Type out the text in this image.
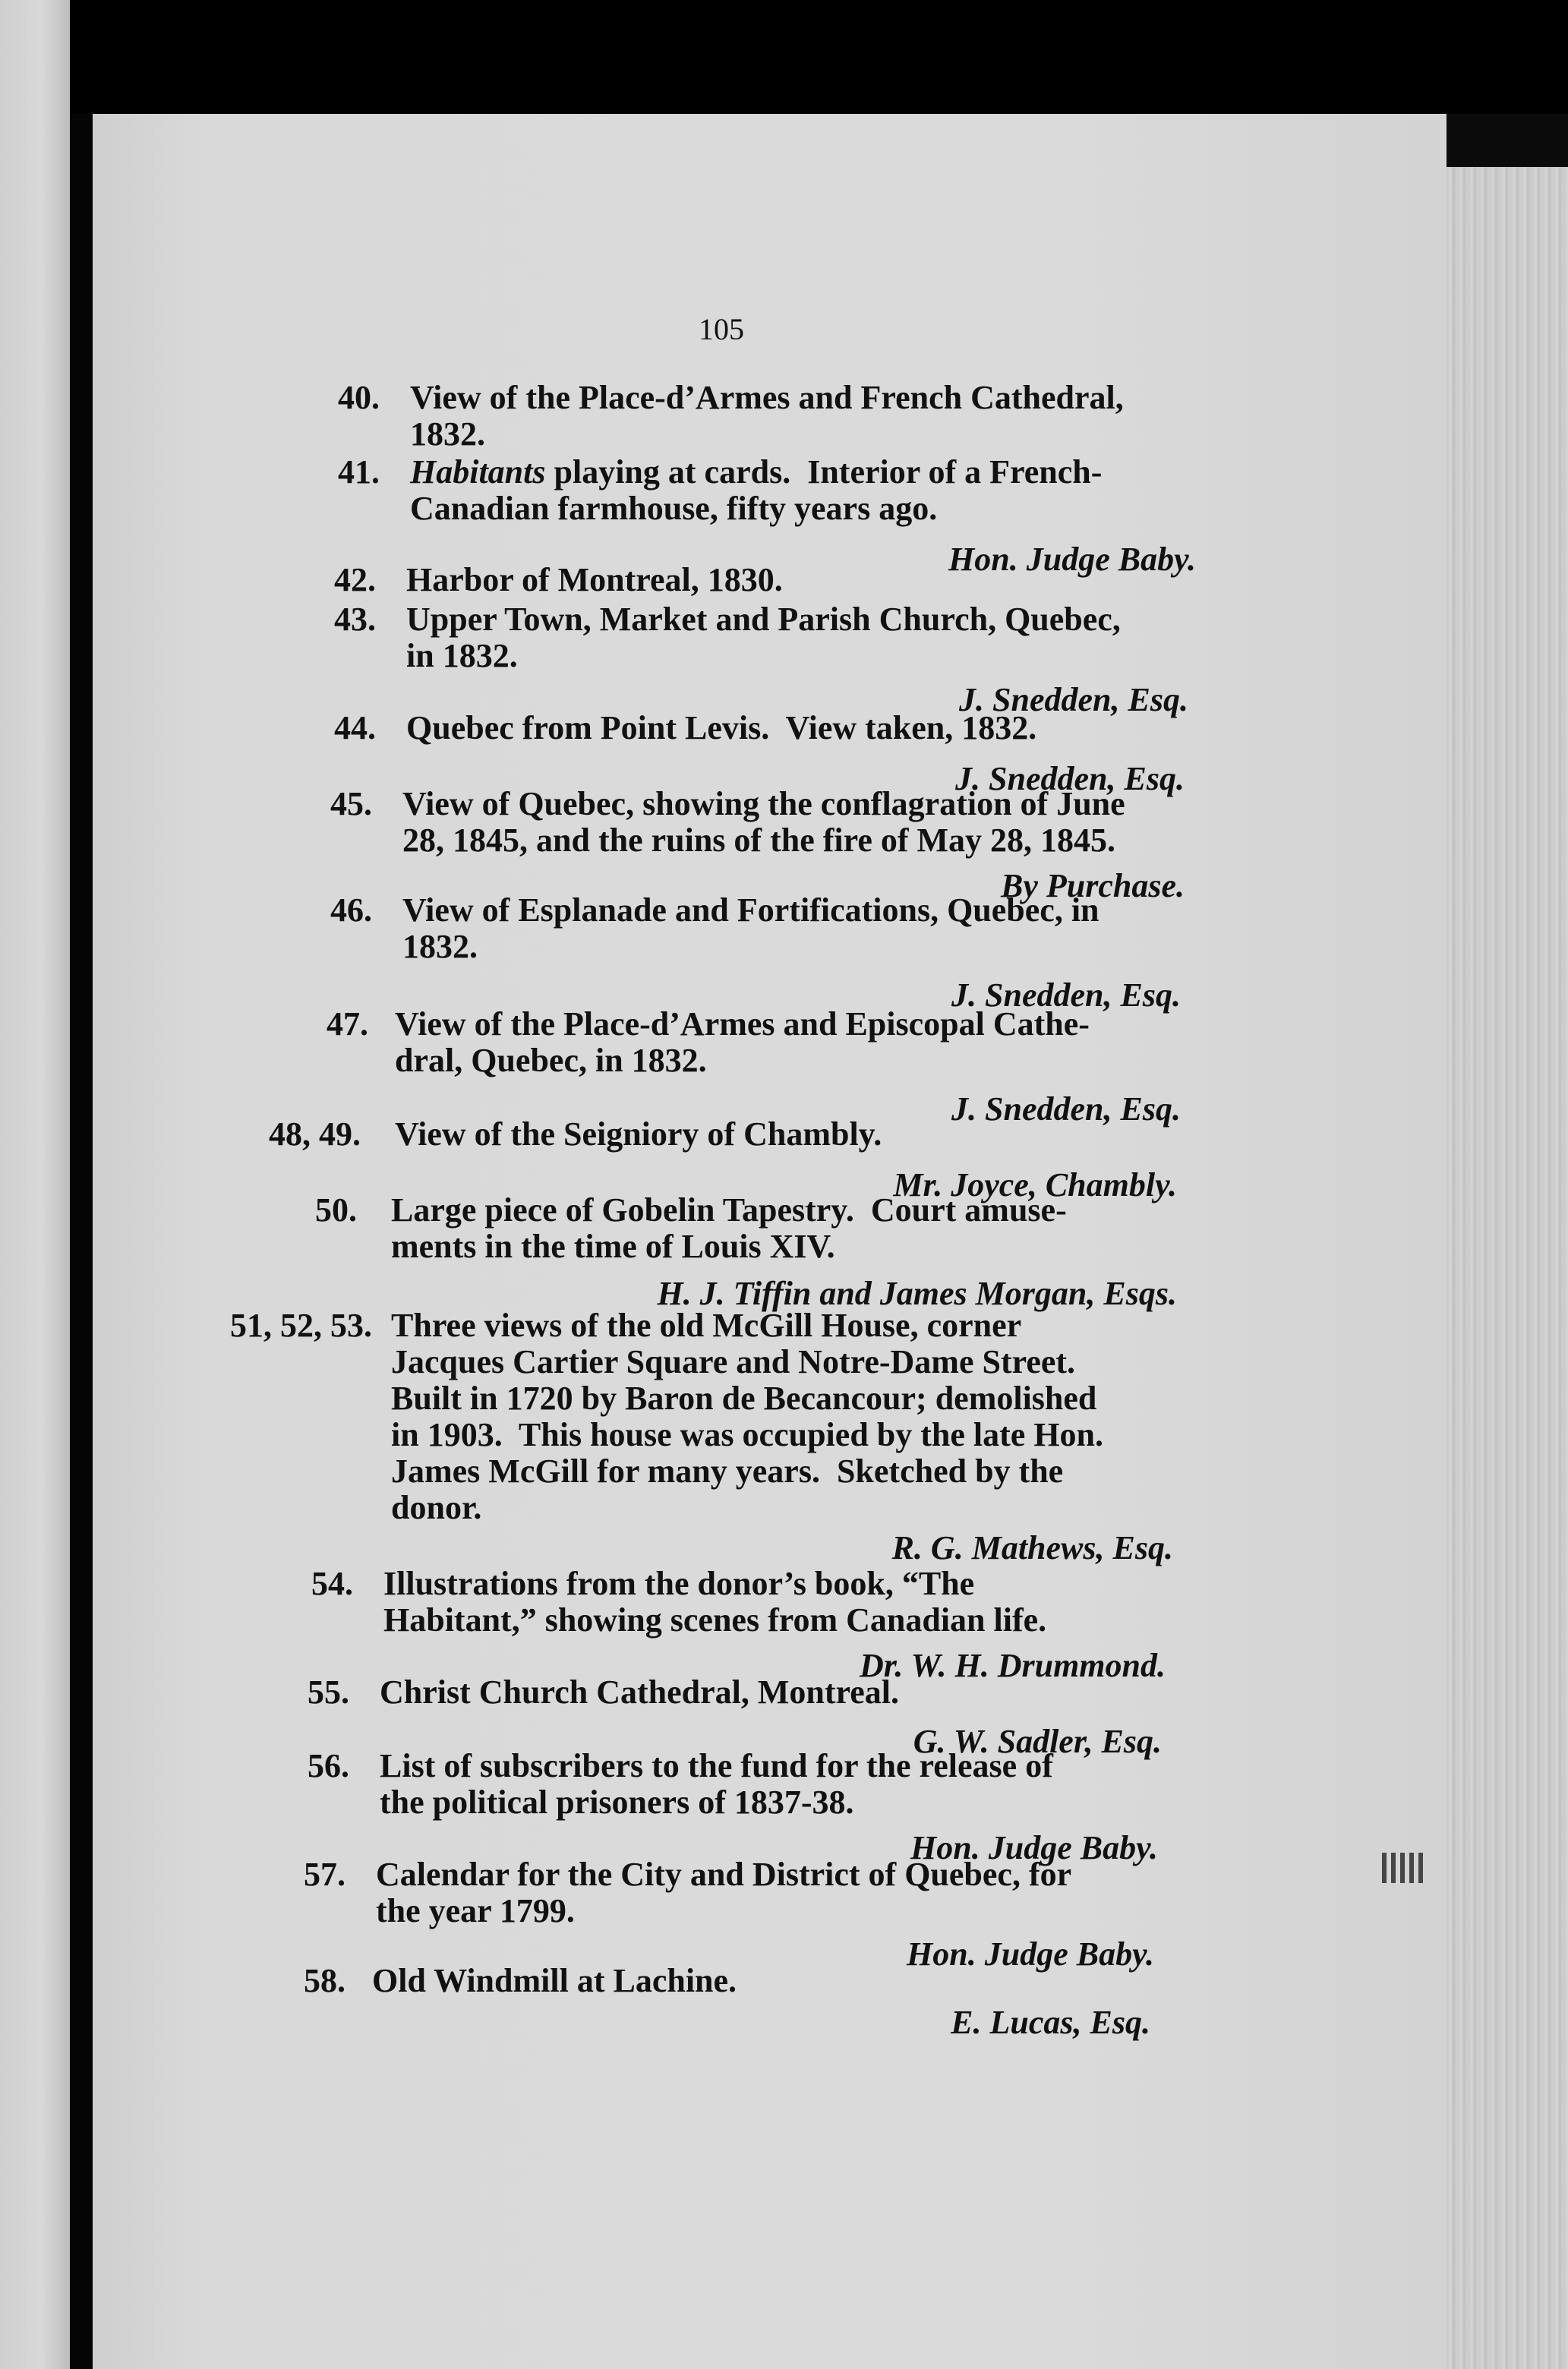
105
40. View of the Place-d’Armes and French Cathedral,
1832.
41. Habitants playing at cards.  Interior of a French-
Canadian farmhouse, fifty years ago.
Hon. Judge Baby.
42. Harbor of Montreal, 1830.
43. Upper Town, Market and Parish Church, Quebec,
in 1832.
J. Snedden, Esq.
44. Quebec from Point Levis.  View taken, 1832.
J. Snedden, Esq.
45. View of Quebec, showing the conflagration of June
28, 1845, and the ruins of the fire of May 28, 1845.
By Purchase.
46. View of Esplanade and Fortifications, Quebec, in
1832.
J. Snedden, Esq.
47. View of the Place-d’Armes and Episcopal Cathe-
dral, Quebec, in 1832.
J. Snedden, Esq.
48, 49. View of the Seigniory of Chambly.
Mr. Joyce, Chambly.
50. Large piece of Gobelin Tapestry.  Court amuse-
ments in the time of Louis XIV.
H. J. Tiffin and James Morgan, Esqs.
51, 52, 53. Three views of the old McGill House, corner
Jacques Cartier Square and Notre-Dame Street.
Built in 1720 by Baron de Becancour; demolished
in 1903.  This house was occupied by the late Hon.
James McGill for many years.  Sketched by the
donor.
R. G. Mathews, Esq.
54. Illustrations from the donor’s book, “The
Habitant,” showing scenes from Canadian life.
Dr. W. H. Drummond.
55. Christ Church Cathedral, Montreal.
G. W. Sadler, Esq.
56. List of subscribers to the fund for the release of
the political prisoners of 1837-38.
Hon. Judge Baby.
57. Calendar for the City and District of Quebec, for
the year 1799.
Hon. Judge Baby.
58. Old Windmill at Lachine.
E. Lucas, Esq.
